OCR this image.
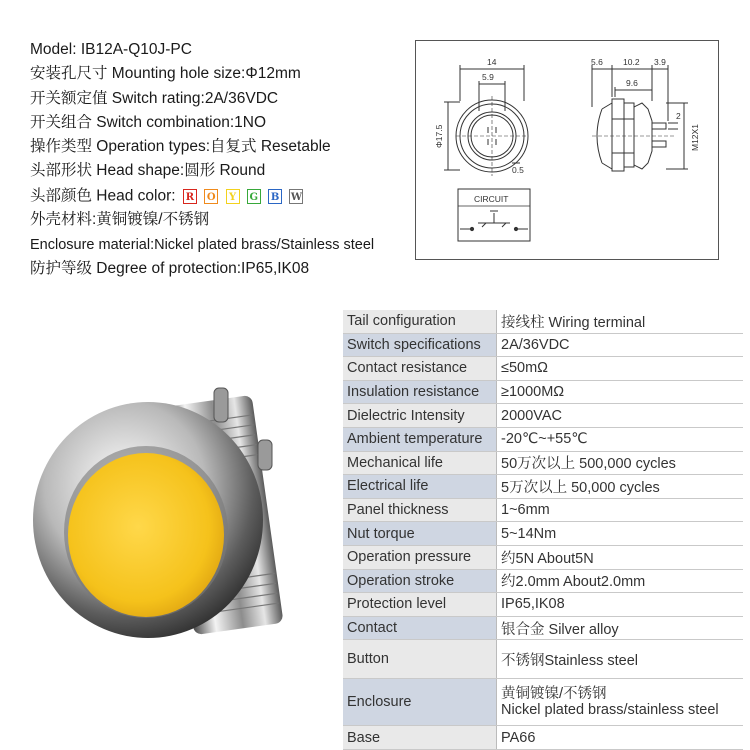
Model: IB12A-Q10J-PC
安装孔尺寸 Mounting hole size:Φ12mm
开关额定值 Switch rating:2A/36VDC
开关组合 Switch combination:1NO
操作类型 Operation types:自复式 Resetable
头部形状 Head shape:圆形 Round
头部颜色 Head color: R O Y G B W
外壳材料:黄铜镀镍/不锈钢
Enclosure material:Nickel plated brass/Stainless steel
防护等级 Degree of protection:IP65,IK08
14
5.9
0.5
Φ17.5
5.6 10.2 3.9
9.6
2
M12X1
CIRCUIT
Tail configuration	接线柱 Wiring terminal
Switch specifications	2A/36VDC
Contact resistance	≤50mΩ
Insulation resistance	≥1000MΩ
Dielectric Intensity	2000VAC
Ambient temperature	-20℃~+55℃
Mechanical life	50万次以上 500,000 cycles
Electrical life	5万次以上 50,000 cycles
Panel thickness	1~6mm
Nut torque	5~14Nm
Operation pressure	约5N About5N
Operation stroke	约2.0mm About2.0mm
Protection level	IP65,IK08
Contact	银合金 Silver alloy
Button	不锈钢Stainless steel
Enclosure	黄铜镀镍/不锈钢
Nickel plated brass/stainless steel

Base	PA66
